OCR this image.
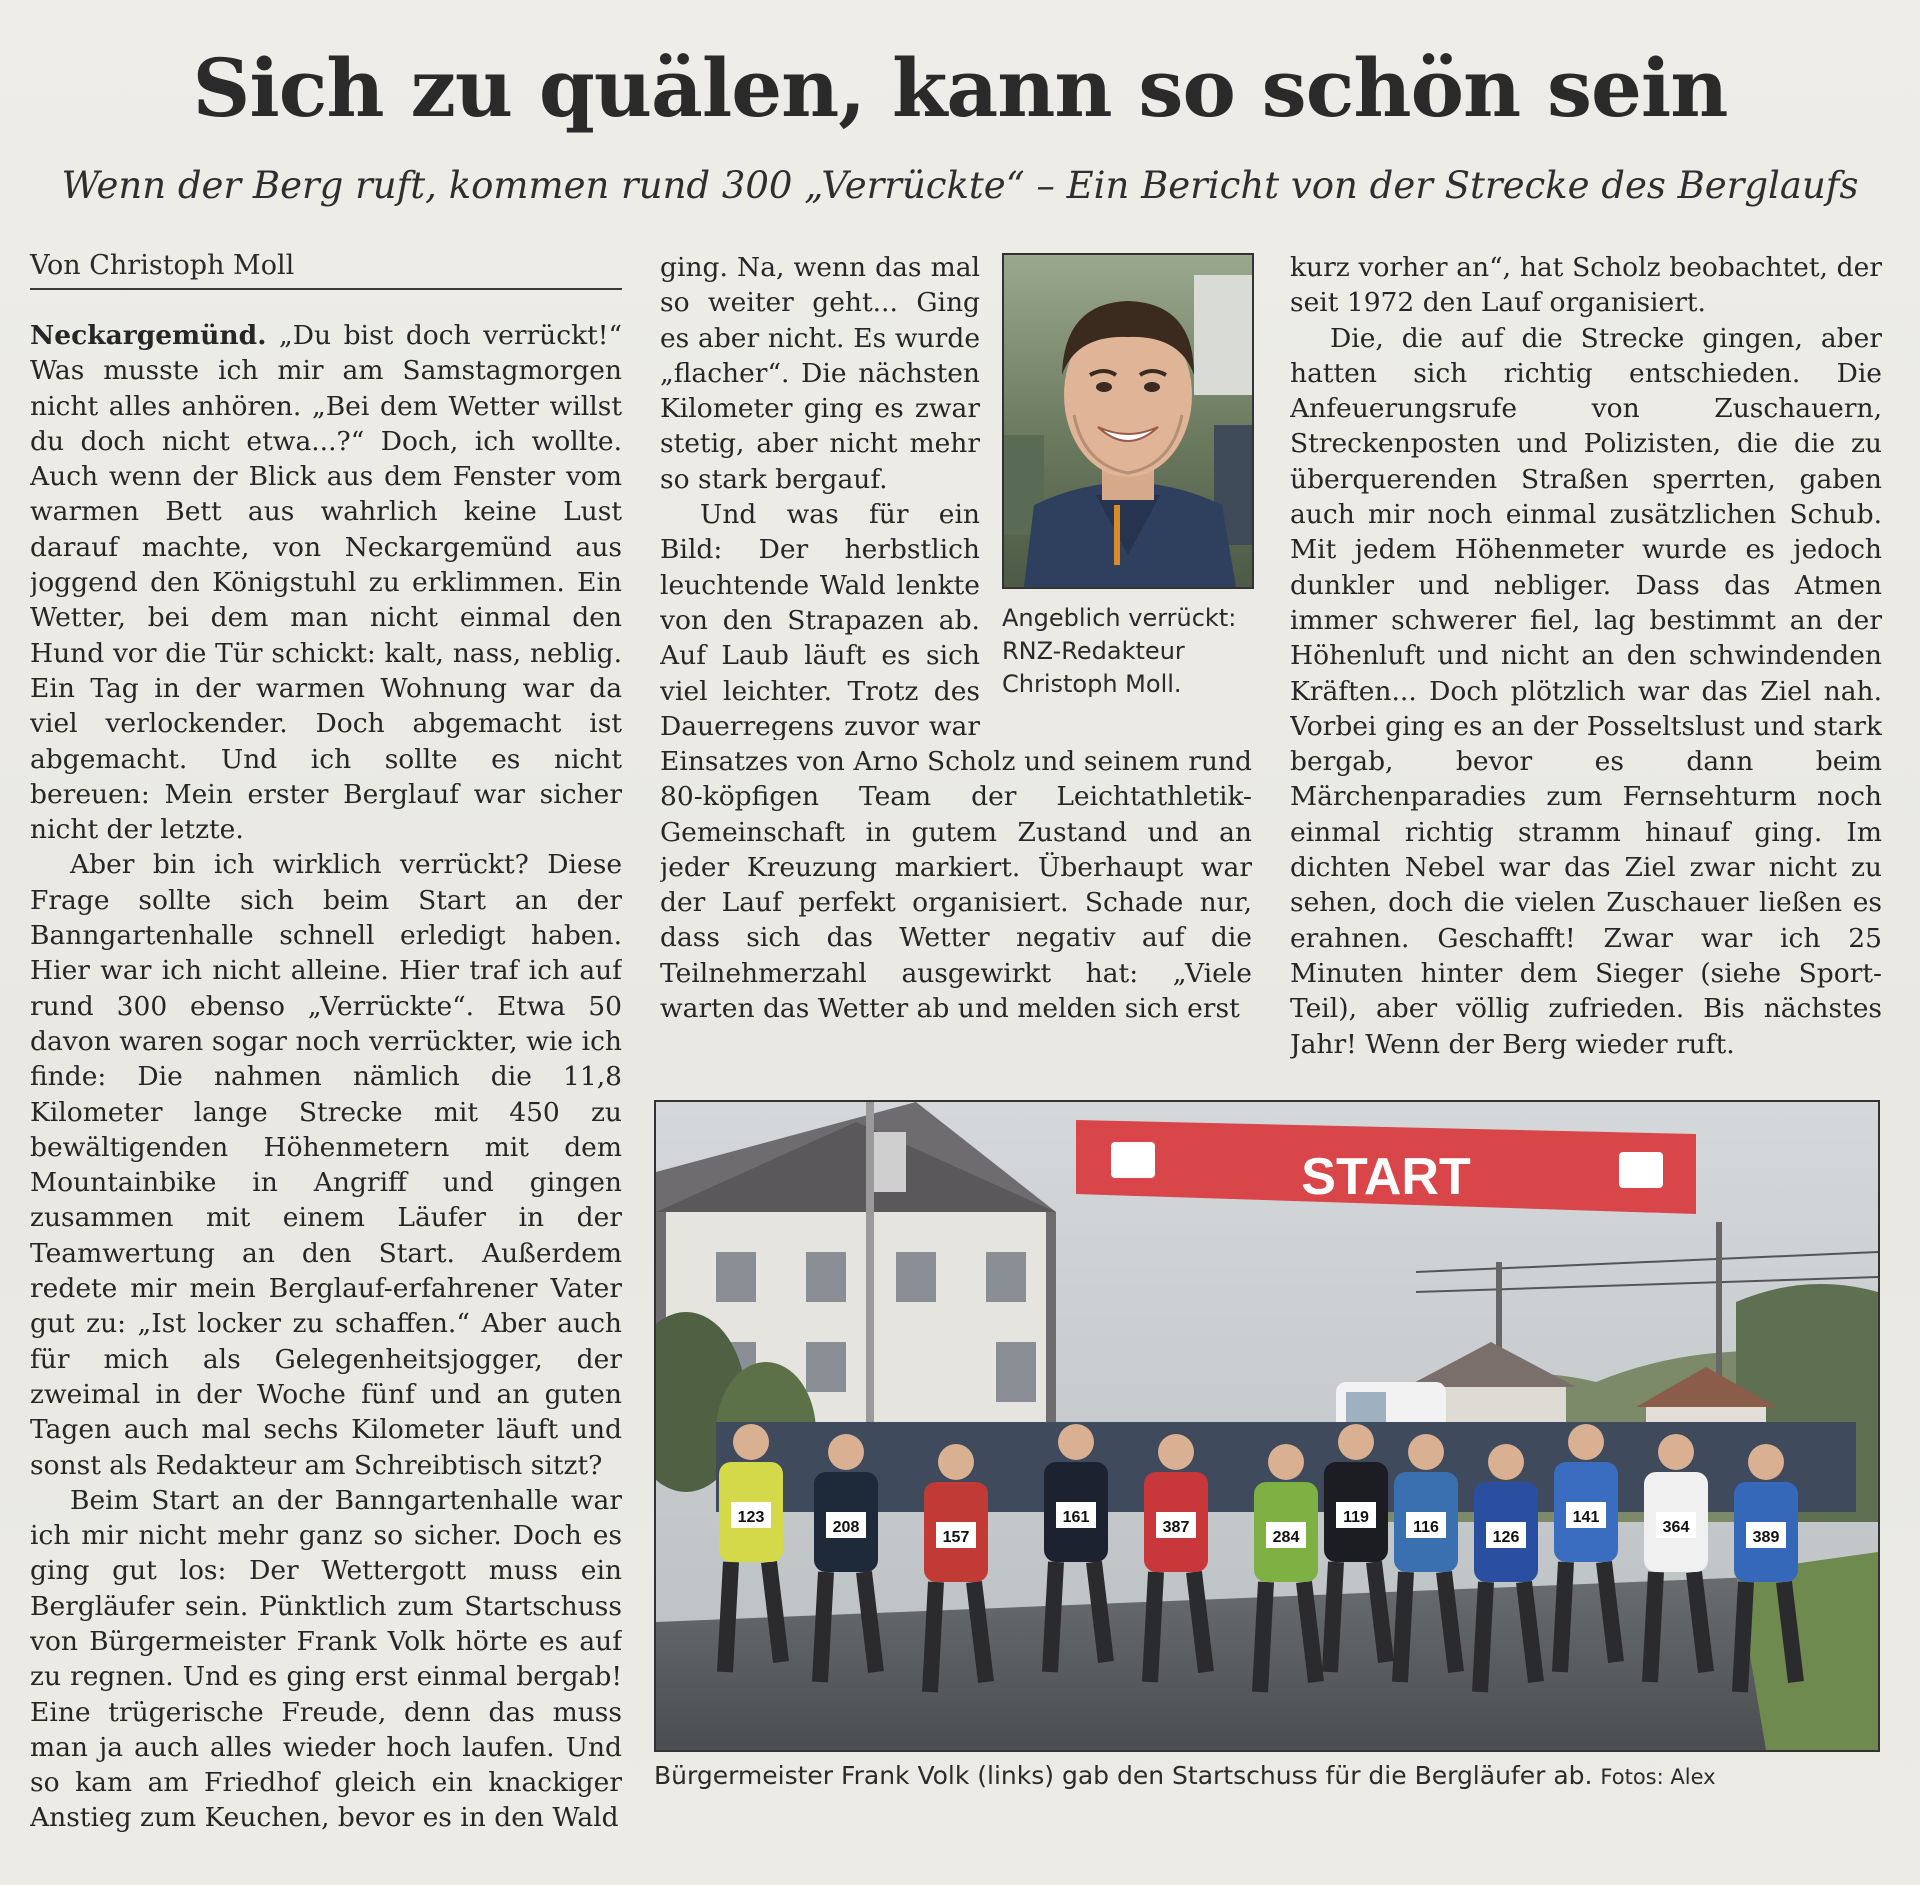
Sich zu quälen, kann so schön sein
Wenn der Berg ruft, kommen rund 300 „Verrückte“ – Ein Bericht von der Strecke des Berglaufs
Von Christoph Moll

Neckargemünd. „Du bist doch verrückt!“ Was musste ich mir am Samstagmorgen nicht alles anhören. „Bei dem Wetter willst du doch nicht etwa...?“ Doch, ich wollte. Auch wenn der Blick aus dem Fenster vom warmen Bett aus wahrlich keine Lust darauf machte, von Neckargemünd aus joggend den Königstuhl zu erklimmen. Ein Wetter, bei dem man nicht einmal den Hund vor die Tür schickt: kalt, nass, neblig. Ein Tag in der warmen Wohnung war da viel verlockender. Doch abgemacht ist abgemacht. Und ich sollte es nicht bereuen: Mein erster Berglauf war sicher nicht der letzte.

Aber bin ich wirklich verrückt? Diese Frage sollte sich beim Start an der Banngartenhalle schnell erledigt haben. Hier war ich nicht alleine. Hier traf ich auf rund 300 ebenso „Verrückte“. Etwa 50 davon waren sogar noch verrückter, wie ich finde: Die nahmen nämlich die 11,8 Kilometer lange Strecke mit 450 zu bewältigenden Höhenmetern mit dem Mountainbike in Angriff und gingen zusammen mit einem Läufer in der Teamwertung an den Start. Außerdem redete mir mein Berglauf-erfahrener Vater gut zu: „Ist locker zu schaffen.“ Aber auch für mich als Gelegenheitsjogger, der zweimal in der Woche fünf und an guten Tagen auch mal sechs Kilometer läuft und sonst als Redakteur am Schreibtisch sitzt?

Beim Start an der Banngartenhalle war ich mir nicht mehr ganz so sicher. Doch es ging gut los: Der Wettergott muss ein Bergläufer sein. Pünktlich zum Startschuss von Bürgermeister Frank Volk hörte es auf zu regnen. Und es ging erst einmal bergab! Eine trügerische Freude, denn das muss man ja auch alles wieder hoch laufen. Und so kam am Friedhof gleich ein knackiger Anstieg zum Keuchen, bevor es in den Wald

ging. Na, wenn das mal so weiter geht... Ging es aber nicht. Es wurde „flacher“. Die nächsten Kilometer ging es zwar stetig, aber nicht mehr so stark bergauf.

Und was für ein Bild: Der herbstlich leuchtende Wald lenkte von den Strapazen ab. Auf Laub läuft es sich viel leichter. Trotz des Dauerregens zuvor war

Einsatzes von Arno Scholz und seinem rund 80-köpfigen Team der Leichtathletik-Gemeinschaft in gutem Zustand und an jeder Kreuzung markiert. Überhaupt war der Lauf perfekt organisiert. Schade nur, dass sich das Wetter negativ auf die Teilnehmerzahl ausgewirkt hat: „Viele warten das Wetter ab und melden sich erst

kurz vorher an“, hat Scholz beobachtet, der seit 1972 den Lauf organisiert.

Die, die auf die Strecke gingen, aber hatten sich richtig entschieden. Die Anfeuerungsrufe von Zuschauern, Streckenposten und Polizisten, die die zu überquerenden Straßen sperrten, gaben auch mir noch einmal zusätzlichen Schub. Mit jedem Höhenmeter wurde es jedoch dunkler und nebliger. Dass das Atmen immer schwerer fiel, lag bestimmt an der Höhenluft und nicht an den schwindenden Kräften... Doch plötzlich war das Ziel nah. Vorbei ging es an der Posseltslust und stark bergab, bevor es dann beim Märchenparadies zum Fernsehturm noch einmal richtig stramm hinauf ging. Im dichten Nebel war das Ziel zwar nicht zu sehen, doch die vielen Zuschauer ließen es erahnen. Geschafft! Zwar war ich 25 Minuten hinter dem Sieger (siehe Sport-Teil), aber völlig zufrieden. Bis nächstes Jahr! Wenn der Berg wieder ruft.

Angeblich verrückt:
RNZ-Redakteur
Christoph Moll.
START
123
208
157
161
387
284
119
116
126
141
364
389
Bürgermeister Frank Volk (links) gab den Startschuss für die Bergläufer ab. Fotos: Alex
